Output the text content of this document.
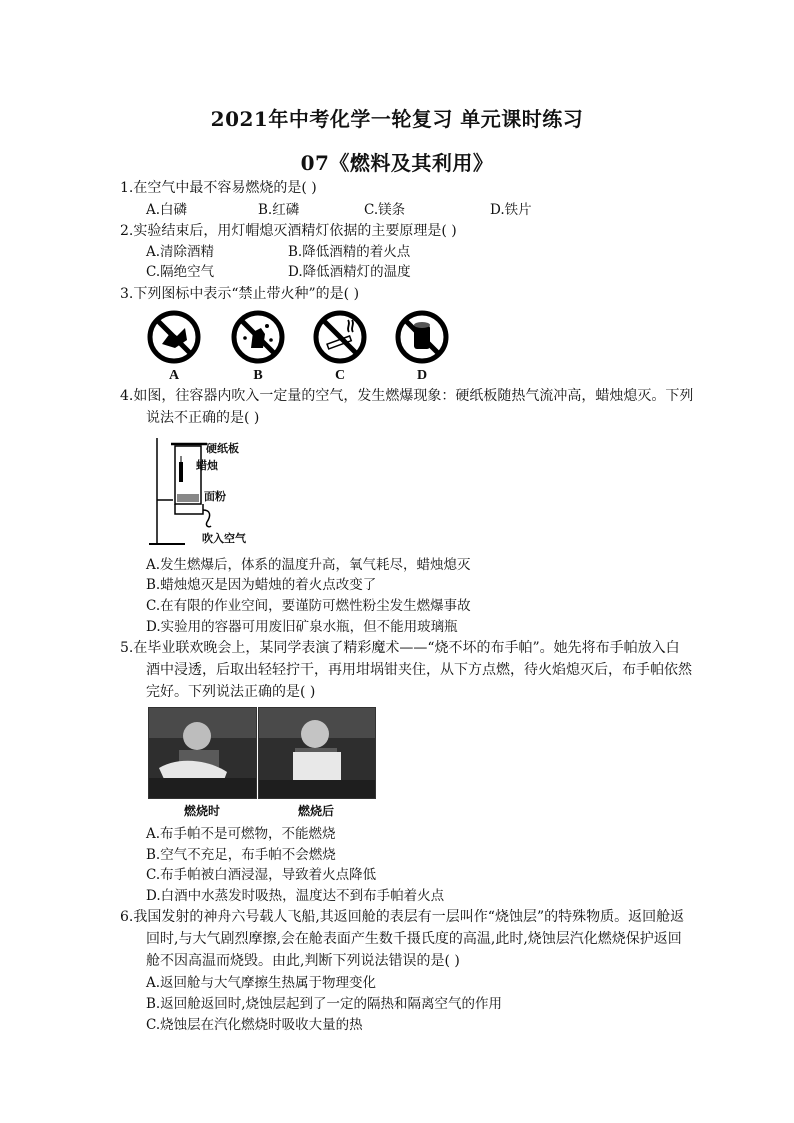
2021年中考化学一轮复习 单元课时练习
07《燃料及其利用》
1.在空气中最不容易燃烧的是( )
A.白磷	B.红磷	C.镁条	D.铁片
2.实验结束后，用灯帽熄灭酒精灯依据的主要原理是( )
A.清除酒精	B.降低酒精的着火点
C.隔绝空气	D.降低酒精灯的温度
3.下列图标中表示“禁止带火种”的是( )
A	B	C	D
4.如图，往容器内吹入一定量的空气，发生燃爆现象：硬纸板随热气流冲高，蜡烛熄灭。下列
说法不正确的是( )
硬纸板
蜡烛
面粉
吹入空气
A.发生燃爆后，体系的温度升高，氧气耗尽，蜡烛熄灭
B.蜡烛熄灭是因为蜡烛的着火点改变了
C.在有限的作业空间，要谨防可燃性粉尘发生燃爆事故
D.实验用的容器可用废旧矿泉水瓶，但不能用玻璃瓶
5.在毕业联欢晚会上，某同学表演了精彩魔术——“烧不坏的布手帕”。她先将布手帕放入白
酒中浸透，后取出轻轻拧干，再用坩埚钳夹住，从下方点燃，待火焰熄灭后，布手帕依然
完好。下列说法正确的是( )
燃烧时	燃烧后
A.布手帕不是可燃物，不能燃烧
B.空气不充足，布手帕不会燃烧
C.布手帕被白酒浸湿，导致着火点降低
D.白酒中水蒸发时吸热，温度达不到布手帕着火点
6.我国发射的神舟六号载人飞船,其返回舱的表层有一层叫作“烧蚀层”的特殊物质。返回舱返
回时,与大气剧烈摩擦,会在舱表面产生数千摄氏度的高温,此时,烧蚀层汽化燃烧保护返回
舱不因高温而烧毁。由此,判断下列说法错误的是( )
A.返回舱与大气摩擦生热属于物理变化
B.返回舱返回时,烧蚀层起到了一定的隔热和隔离空气的作用
C.烧蚀层在汽化燃烧时吸收大量的热
